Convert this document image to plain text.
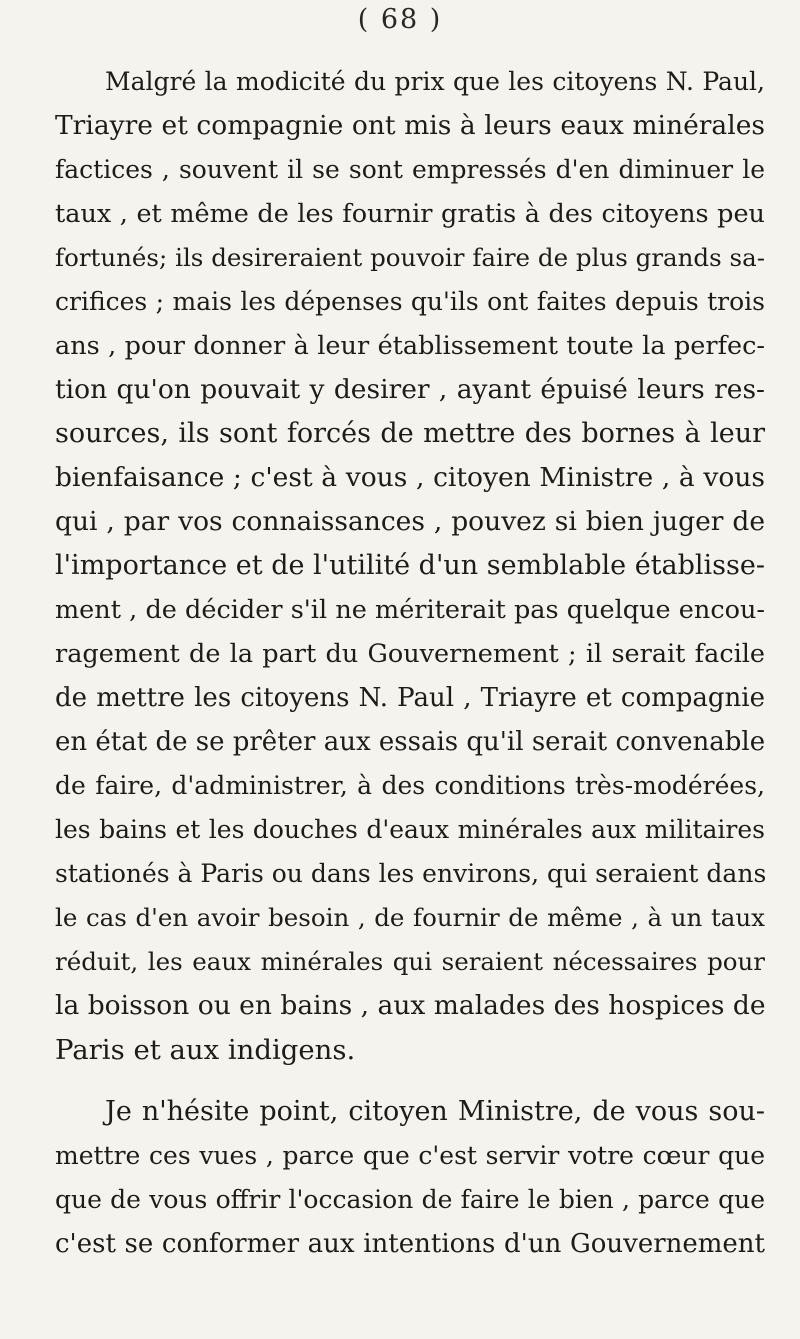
( 68 )
Malgré la modicité du prix que les citoyens N. Paul,
Triayre et compagnie ont mis à leurs eaux minérales
factices , souvent il se sont empressés d'en diminuer le
taux , et même de les fournir gratis à des citoyens peu
fortunés; ils desireraient pouvoir faire de plus grands sa-
crifices ; mais les dépenses qu'ils ont faites depuis trois
ans , pour donner à leur établissement toute la perfec-
tion qu'on pouvait y desirer , ayant épuisé leurs res-
sources, ils sont forcés de mettre des bornes à leur
bienfaisance ; c'est à vous , citoyen Ministre , à vous
qui , par vos connaissances , pouvez si bien juger de
l'importance et de l'utilité d'un semblable établisse-
ment , de décider s'il ne mériterait pas quelque encou-
ragement de la part du Gouvernement ; il serait facile
de mettre les citoyens N. Paul , Triayre et compagnie
en état de se prêter aux essais qu'il serait convenable
de faire, d'administrer, à des conditions très-modérées,
les bains et les douches d'eaux minérales aux militaires
stationés à Paris ou dans les environs, qui seraient dans
le cas d'en avoir besoin , de fournir de même , à un taux
réduit, les eaux minérales qui seraient nécessaires pour
la boisson ou en bains , aux malades des hospices de
Paris et aux indigens.
Je n'hésite point, citoyen Ministre, de vous sou-
mettre ces vues , parce que c'est servir votre cœur que
que de vous offrir l'occasion de faire le bien , parce que
c'est se conformer aux intentions d'un Gouvernement
